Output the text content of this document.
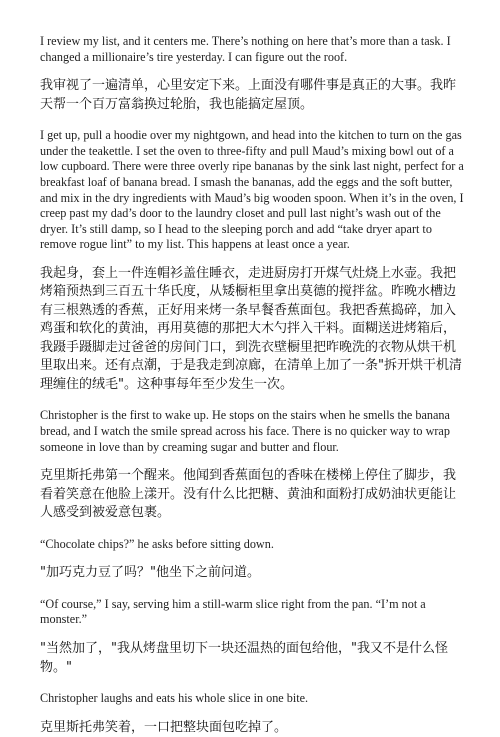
I review my list, and it centers me. There’s nothing on here that’s more than a task. I changed a millionaire’s tire yesterday. I can figure out the roof.

我审视了一遍清单，心里安定下来。上面没有哪件事是真正的大事。我昨天帮一个百万富翁换过轮胎，我也能搞定屋顶。

I get up, pull a hoodie over my nightgown, and head into the kitchen to turn on the gas under the teakettle. I set the oven to three-fifty and pull Maud’s mixing bowl out of a low cupboard. There were three overly ripe bananas by the sink last night, perfect for a breakfast loaf of banana bread. I smash the bananas, add the eggs and the soft butter, and mix in the dry ingredients with Maud’s big wooden spoon. When it’s in the oven, I creep past my dad’s door to the laundry closet and pull last night’s wash out of the dryer. It’s still damp, so I head to the sleeping porch and add “take dryer apart to remove rogue lint” to my list. This happens at least once a year.

我起身，套上一件连帽衫盖住睡衣，走进厨房打开煤气灶烧上水壶。我把烤箱预热到三百五十华氏度，从矮橱柜里拿出莫德的搅拌盆。昨晚水槽边有三根熟透的香蕉，正好用来烤一条早餐香蕉面包。我把香蕉捣碎，加入鸡蛋和软化的黄油，再用莫德的那把大木勺拌入干料。面糊送进烤箱后，我蹑手蹑脚走过爸爸的房间门口，到洗衣壁橱里把昨晚洗的衣物从烘干机里取出来。还有点潮，于是我走到凉廊，在清单上加了一条"拆开烘干机清理缠住的绒毛"。这种事每年至少发生一次。

Christopher is the first to wake up. He stops on the stairs when he smells the banana bread, and I watch the smile spread across his face. There is no quicker way to wrap someone in love than by creaming sugar and butter and flour.

克里斯托弗第一个醒来。他闻到香蕉面包的香味在楼梯上停住了脚步，我看着笑意在他脸上漾开。没有什么比把糖、黄油和面粉打成奶油状更能让人感受到被爱意包裹。

“Chocolate chips?” he asks before sitting down.

"加巧克力豆了吗？"他坐下之前问道。

“Of course,” I say, serving him a still-warm slice right from the pan. “I’m not a monster.”

"当然加了，"我从烤盘里切下一块还温热的面包给他，"我又不是什么怪物。"

Christopher laughs and eats his whole slice in one bite.

克里斯托弗笑着，一口把整块面包吃掉了。
